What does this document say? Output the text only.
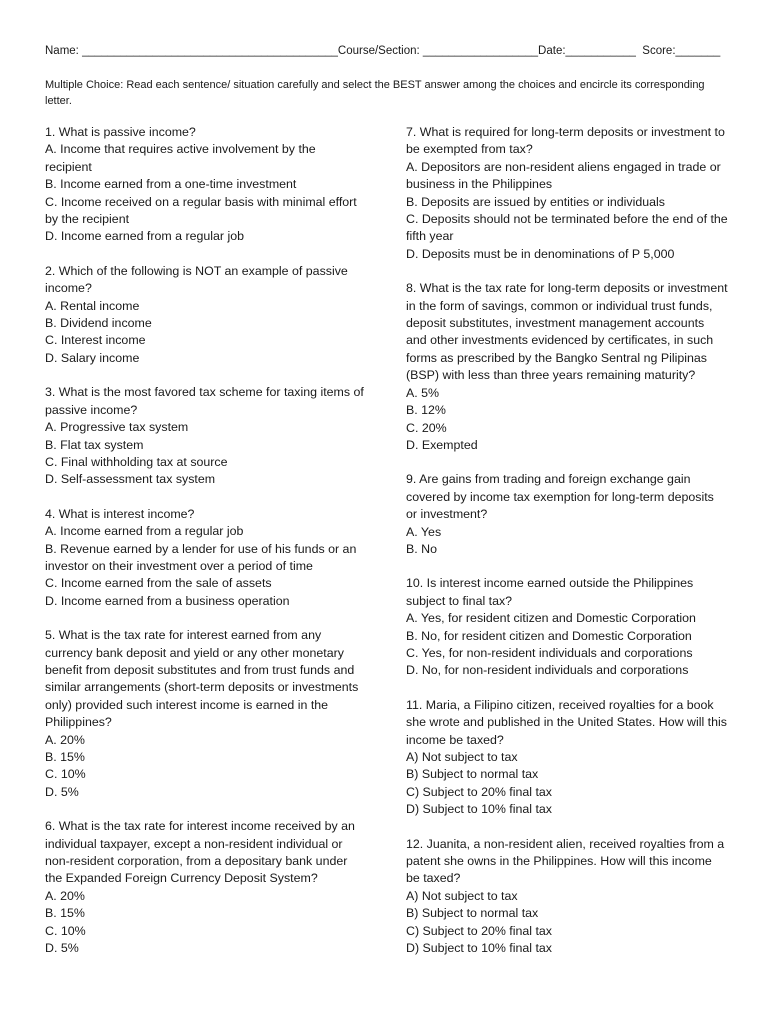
Name: ________________________________________Course/Section: __________________Date:___________ Score:_______
Multiple Choice: Read each sentence/ situation carefully and select the BEST answer among the choices and encircle its corresponding letter.
1. What is passive income?
A. Income that requires active involvement by the recipient
B. Income earned from a one-time investment
C. Income received on a regular basis with minimal effort by the recipient
D. Income earned from a regular job
2. Which of the following is NOT an example of passive income?
A. Rental income
B. Dividend income
C. Interest income
D. Salary income
3. What is the most favored tax scheme for taxing items of passive income?
A. Progressive tax system
B. Flat tax system
C. Final withholding tax at source
D. Self-assessment tax system
4. What is interest income?
A. Income earned from a regular job
B. Revenue earned by a lender for use of his funds or an investor on their investment over a period of time
C. Income earned from the sale of assets
D. Income earned from a business operation
5. What is the tax rate for interest earned from any currency bank deposit and yield or any other monetary benefit from deposit substitutes and from trust funds and similar arrangements (short-term deposits or investments only) provided such interest income is earned in the Philippines?
A. 20%
B. 15%
C. 10%
D. 5%
6. What is the tax rate for interest income received by an individual taxpayer, except a non-resident individual or non-resident corporation, from a depositary bank under the Expanded Foreign Currency Deposit System?
A. 20%
B. 15%
C. 10%
D. 5%
7. What is required for long-term deposits or investment to be exempted from tax?
A. Depositors are non-resident aliens engaged in trade or business in the Philippines
B. Deposits are issued by entities or individuals
C. Deposits should not be terminated before the end of the fifth year
D. Deposits must be in denominations of P 5,000
8. What is the tax rate for long-term deposits or investment in the form of savings, common or individual trust funds, deposit substitutes, investment management accounts and other investments evidenced by certificates, in such forms as prescribed by the Bangko Sentral ng Pilipinas (BSP) with less than three years remaining maturity?
A. 5%
B. 12%
C. 20%
D. Exempted
9. Are gains from trading and foreign exchange gain covered by income tax exemption for long-term deposits or investment?
A. Yes
B. No
10. Is interest income earned outside the Philippines subject to final tax?
A. Yes, for resident citizen and Domestic Corporation
B. No, for resident citizen and Domestic Corporation
C. Yes, for non-resident individuals and corporations
D. No, for non-resident individuals and corporations
11. Maria, a Filipino citizen, received royalties for a book she wrote and published in the United States. How will this income be taxed?
A) Not subject to tax
B) Subject to normal tax
C) Subject to 20% final tax
D) Subject to 10% final tax
12. Juanita, a non-resident alien, received royalties from a patent she owns in the Philippines. How will this income be taxed?
A) Not subject to tax
B) Subject to normal tax
C) Subject to 20% final tax
D) Subject to 10% final tax
